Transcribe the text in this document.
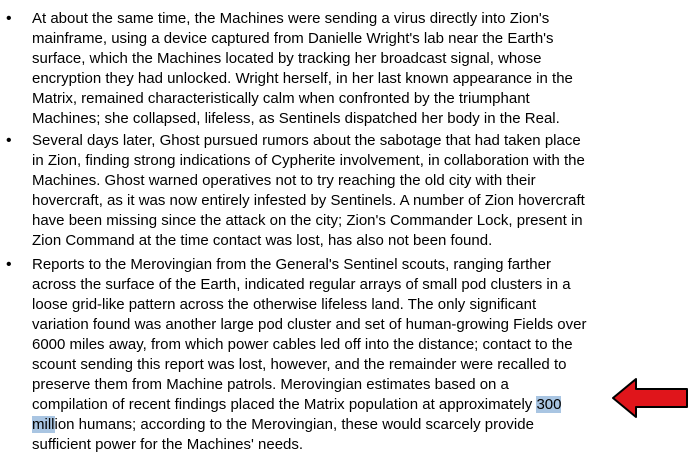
• At about the same time, the Machines were sending a virus directly into Zion's
mainframe, using a device captured from Danielle Wright's lab near the Earth's
surface, which the Machines located by tracking her broadcast signal, whose
encryption they had unlocked. Wright herself, in her last known appearance in the
Matrix, remained characteristically calm when confronted by the triumphant
Machines; she collapsed, lifeless, as Sentinels dispatched her body in the Real.
• Several days later, Ghost pursued rumors about the sabotage that had taken place
in Zion, finding strong indications of Cypherite involvement, in collaboration with the
Machines. Ghost warned operatives not to try reaching the old city with their
hovercraft, as it was now entirely infested by Sentinels. A number of Zion hovercraft
have been missing since the attack on the city; Zion's Commander Lock, present in
Zion Command at the time contact was lost, has also not been found.
• Reports to the Merovingian from the General's Sentinel scouts, ranging farther
across the surface of the Earth, indicated regular arrays of small pod clusters in a
loose grid-like pattern across the otherwise lifeless land. The only significant
variation found was another large pod cluster and set of human-growing Fields over
6000 miles away, from which power cables led off into the distance; contact to the
scount sending this report was lost, however, and the remainder were recalled to
preserve them from Machine patrols. Merovingian estimates based on a
compilation of recent findings placed the Matrix population at approximately 300
million humans; according to the Merovingian, these would scarcely provide
sufficient power for the Machines' needs.
